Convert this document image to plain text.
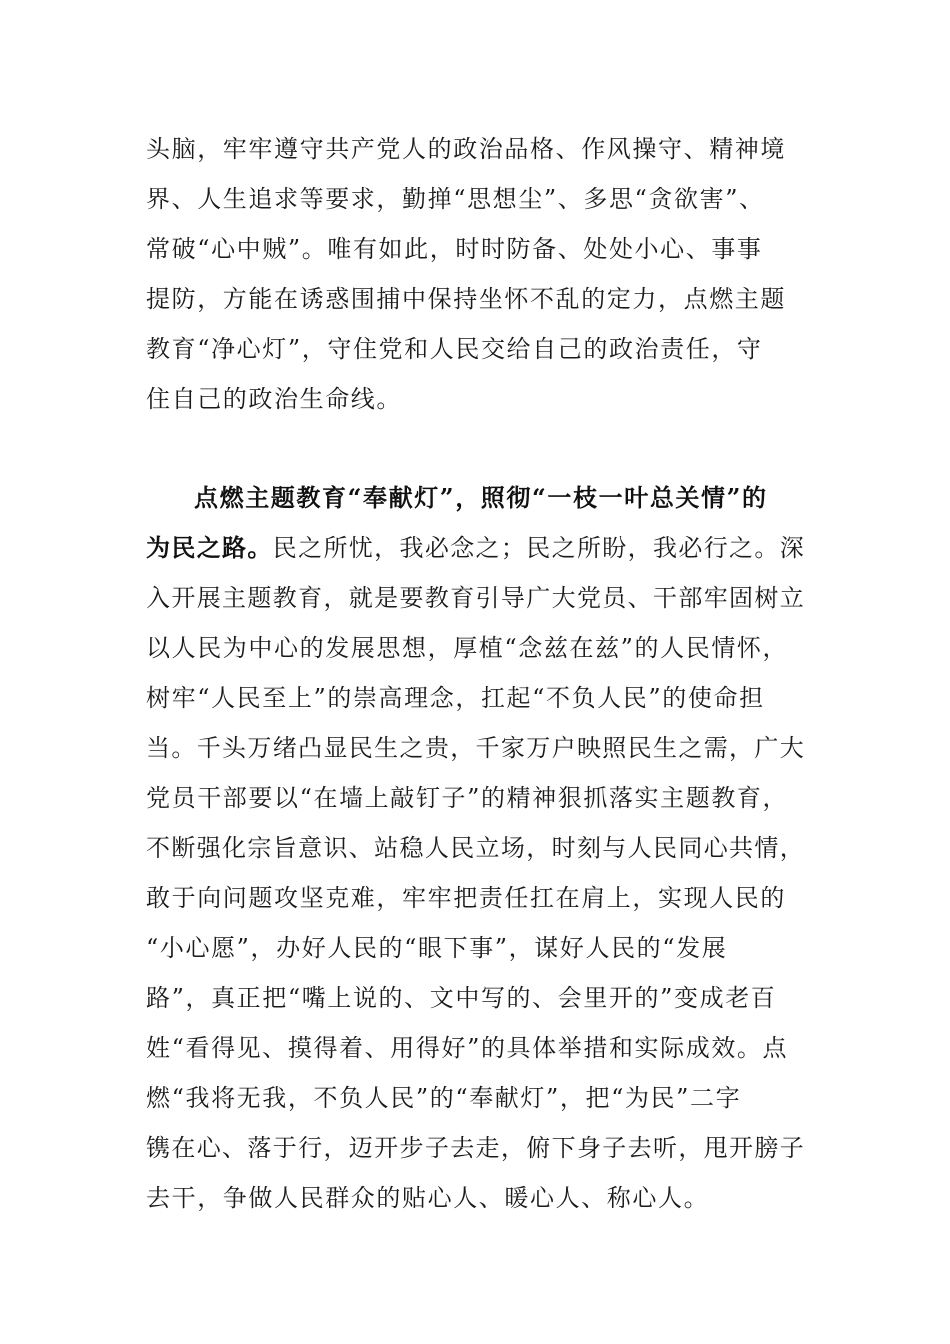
头脑，牢牢遵守共产党人的政治品格、作风操守、精神境
界、人生追求等要求，勤掸“思想尘”、多思“贪欲害”、
常破“心中贼”。唯有如此，时时防备、处处小心、事事
提防，方能在诱惑围捕中保持坐怀不乱的定力，点燃主题
教育“净心灯”，守住党和人民交给自己的政治责任，守
住自己的政治生命线。
点燃主题教育“奉献灯”，照彻“一枝一叶总关情”的
为民之路。民之所忧，我必念之；民之所盼，我必行之。深
入开展主题教育，就是要教育引导广大党员、干部牢固树立
以人民为中心的发展思想，厚植“念兹在兹”的人民情怀，
树牢“人民至上”的崇高理念，扛起“不负人民”的使命担
当。千头万绪凸显民生之贵，千家万户映照民生之需，广大
党员干部要以“在墙上敲钉子”的精神狠抓落实主题教育，
不断强化宗旨意识、站稳人民立场，时刻与人民同心共情，
敢于向问题攻坚克难，牢牢把责任扛在肩上，实现人民的
“小心愿”，办好人民的“眼下事”，谋好人民的“发展
路”，真正把“嘴上说的、文中写的、会里开的”变成老百
姓“看得见、摸得着、用得好”的具体举措和实际成效。点
燃“我将无我，不负人民”的“奉献灯”，把“为民”二字
镌在心、落于行，迈开步子去走，俯下身子去听，甩开膀子
去干，争做人民群众的贴心人、暖心人、称心人。
